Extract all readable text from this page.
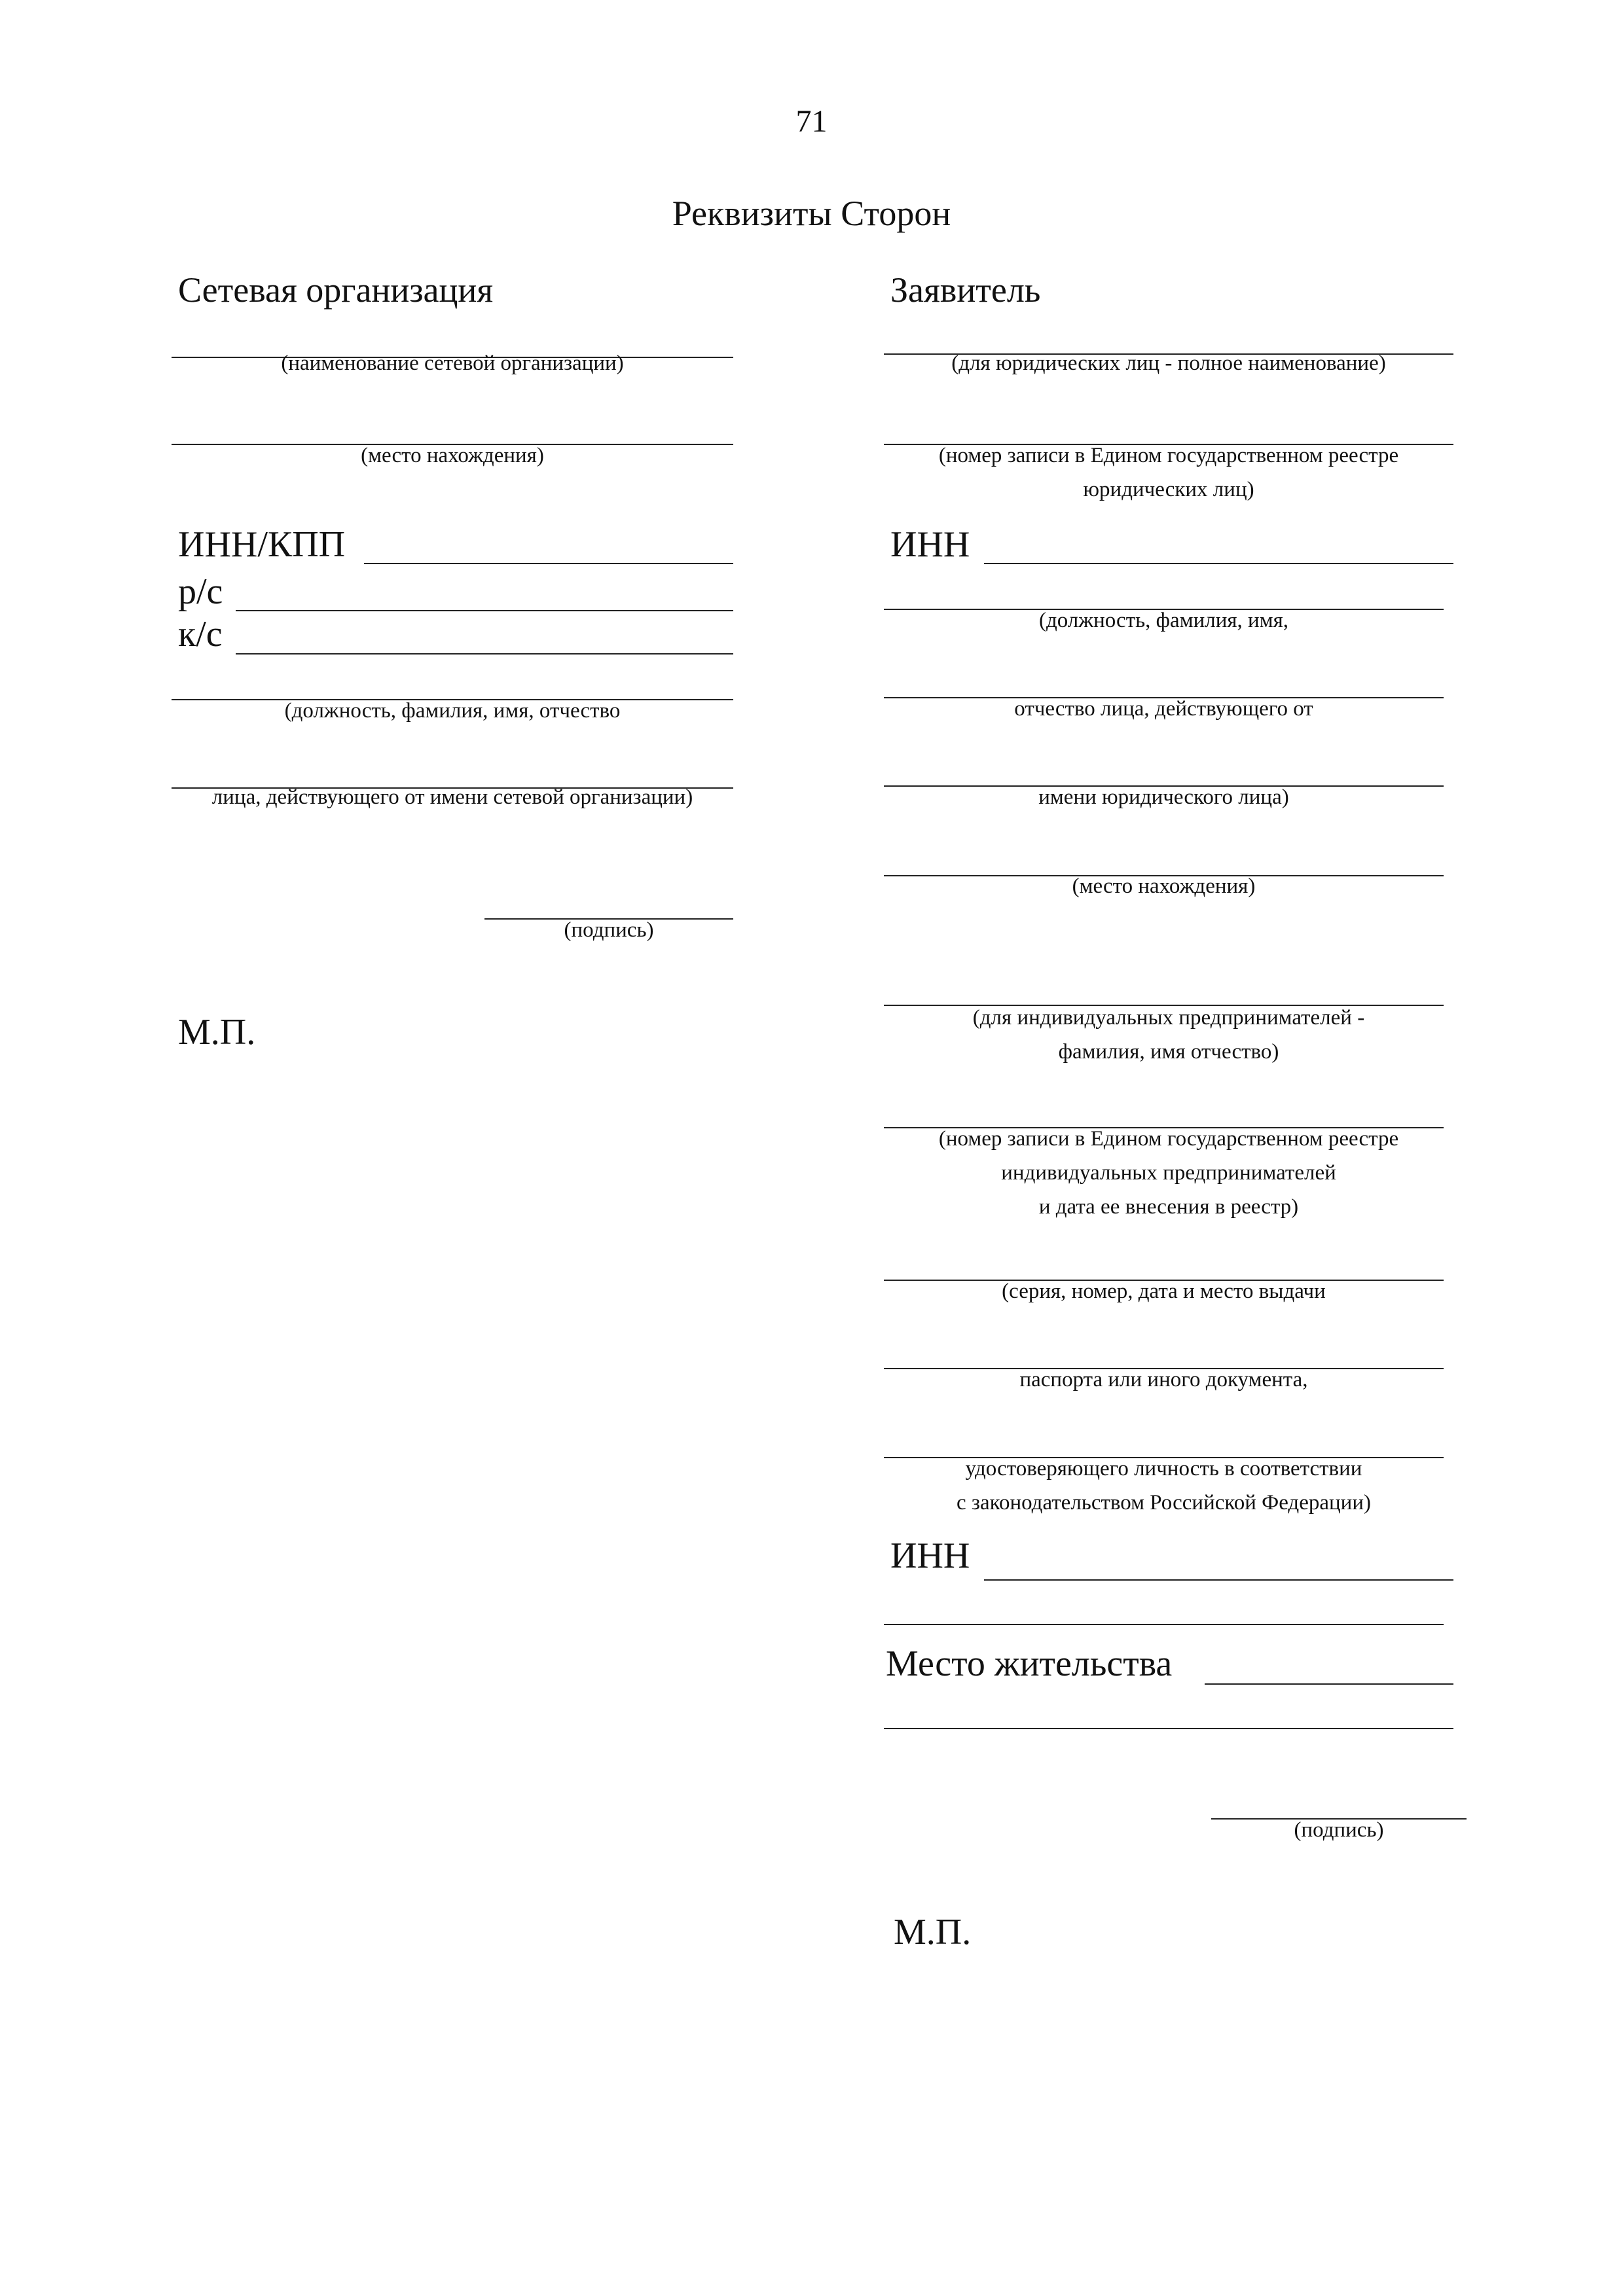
71
Реквизиты Сторон
Сетевая организация
(наименование сетевой организации)
(место нахождения)
ИНН/КПП
р/с
к/с
(должность, фамилия, имя, отчество
лица, действующего от имени сетевой организации)
(подпись)
М.П.
Заявитель
(для юридических лиц - полное наименование)
(номер записи в Едином государственном реестре
юридических лиц)
ИНН
(должность, фамилия, имя,
отчество лица, действующего от
имени юридического лица)
(место нахождения)
(для индивидуальных предпринимателей -
фамилия, имя отчество)
(номер записи в Едином государственном реестре
индивидуальных предпринимателей
и дата ее внесения в реестр)
(серия, номер, дата и место выдачи
паспорта или иного документа,
удостоверяющего личность в соответствии
с законодательством Российской Федерации)
ИНН
Место жительства
(подпись)
М.П.
